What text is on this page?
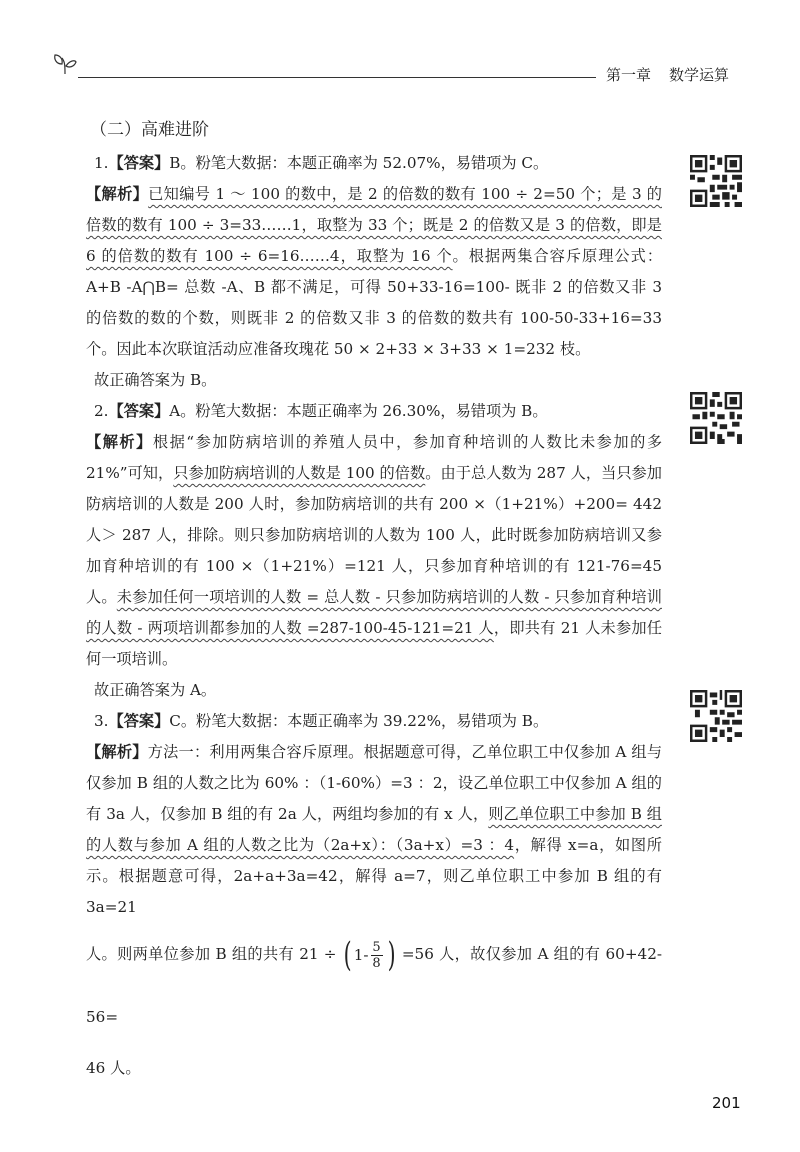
第一章 数学运算
（二）高难进阶

1.【答案】B。粉笔大数据：本题正确率为 52.07%，易错项为 C。

【解析】已知编号 1 ～ 100 的数中，是 2 的倍数的数有 100 ÷ 2=50 个；是 3 的倍数的数有 100 ÷ 3=33……1，取整为 33 个；既是 2 的倍数又是 3 的倍数，即是 6 的倍数的数有 100 ÷ 6=16……4，取整为 16 个。根据两集合容斥原理公式：A+B -A⋂B= 总数 -A、B 都不满足，可得 50+33-16=100- 既非 2 的倍数又非 3 的倍数的数的个数，则既非 2 的倍数又非 3 的倍数的数共有 100-50-33+16=33 个。因此本次联谊活动应准备玫瑰花 50 × 2+33 × 3+33 × 1=232 枝。

故正确答案为 B。

2.【答案】A。粉笔大数据：本题正确率为 26.30%，易错项为 B。

【解析】根据“参加防病培训的养殖人员中，参加育种培训的人数比未参加的多 21%”可知，只参加防病培训的人数是 100 的倍数。由于总人数为 287 人，当只参加防病培训的人数是 200 人时，参加防病培训的共有 200 ×（1+21%）+200= 442 人＞ 287 人，排除。则只参加防病培训的人数为 100 人，此时既参加防病培训又参加育种培训的有 100 ×（1+21%）=121 人，只参加育种培训的有 121-76=45 人。未参加任何一项培训的人数 = 总人数 - 只参加防病培训的人数 - 只参加育种培训的人数 - 两项培训都参加的人数 =287-100-45-121=21 人，即共有 21 人未参加任何一项培训。

故正确答案为 A。

3.【答案】C。粉笔大数据：本题正确率为 39.22%，易错项为 B。

【解析】方法一：利用两集合容斥原理。根据题意可得，乙单位职工中仅参加 A 组与仅参加 B 组的人数之比为 60% ：（1-60%）=3 ：2，设乙单位职工中仅参加 A 组的有 3a 人，仅参加 B 组的有 2a 人，两组均参加的有 x 人，则乙单位职工中参加 B 组的人数与参加 A 组的人数之比为（2a+x）：（3a+x）=3 ：4，解得 x=a，如图所示。根据题意可得，2a+a+3a=42，解得 a=7，则乙单位职工中参加 B 组的有 3a=21

人。则两单位参加 B 组的共有 21 ÷ ( 1- 5
8 ) =56 人，故仅参加 A 组的有 60+42-56=

46 人。

201
